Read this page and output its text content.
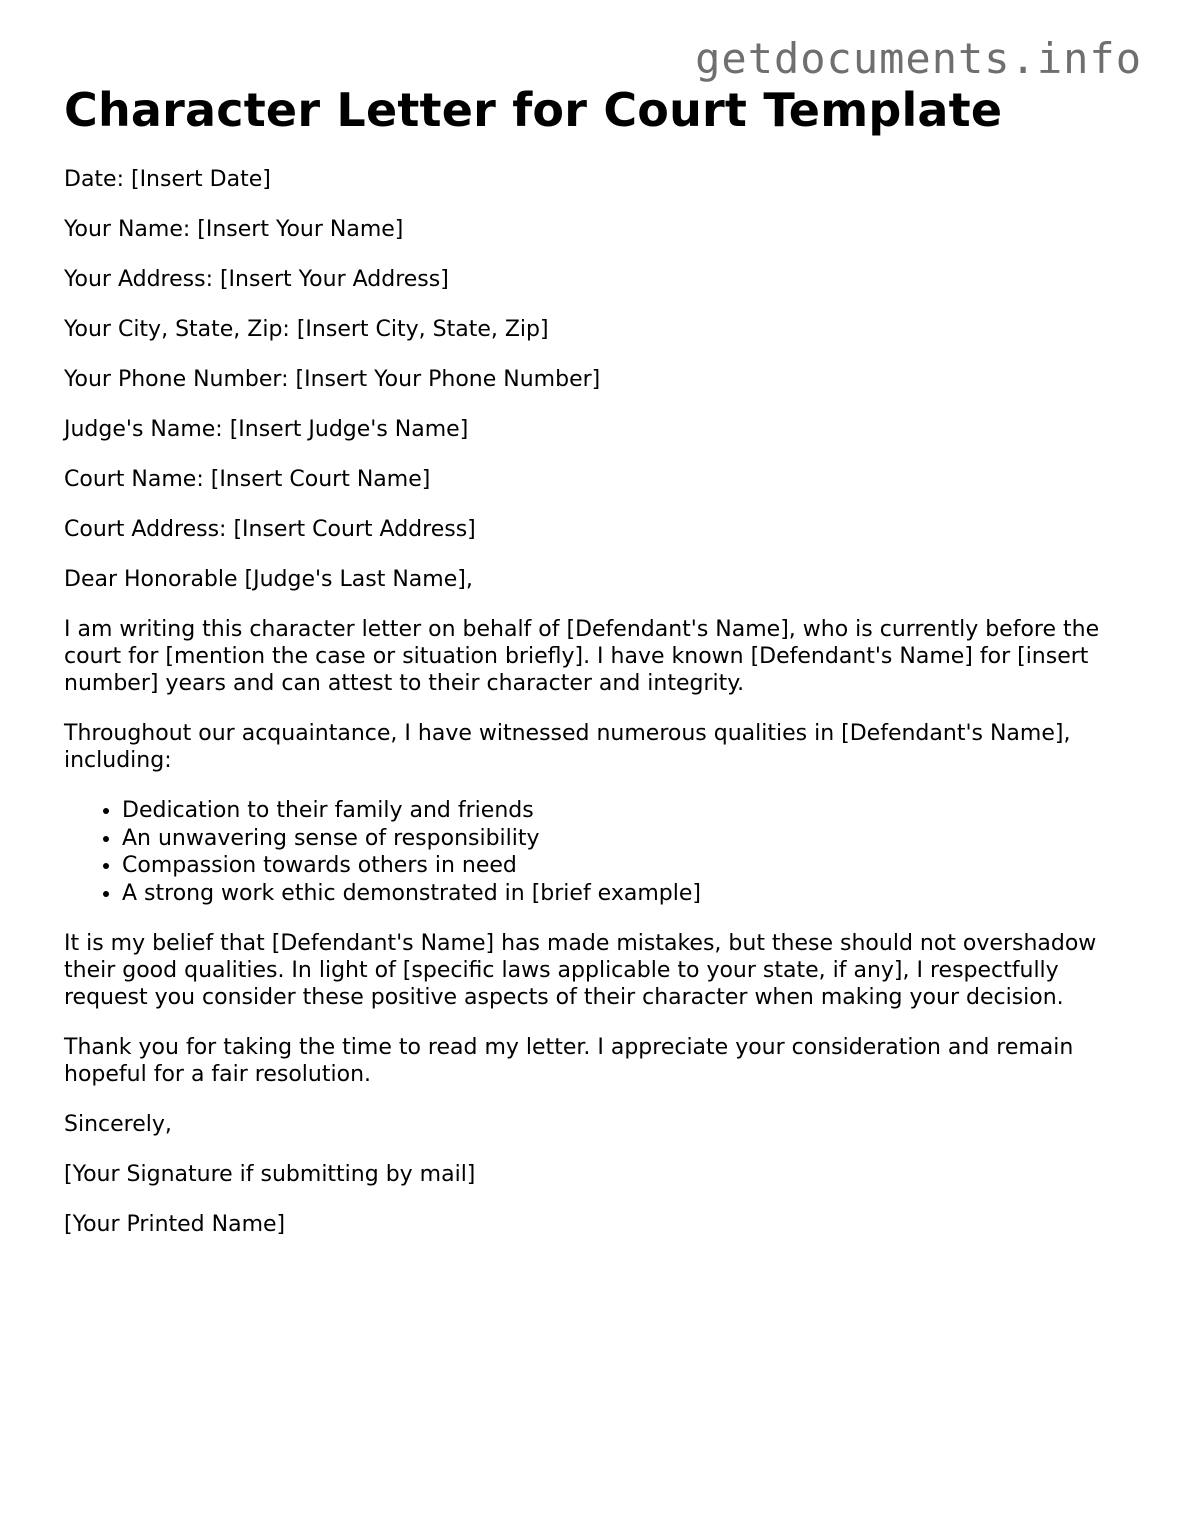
getdocuments.info
Character Letter for Court Template

Date: [Insert Date]

Your Name: [Insert Your Name]

Your Address: [Insert Your Address]

Your City, State, Zip: [Insert City, State, Zip]

Your Phone Number: [Insert Your Phone Number]

Judge's Name: [Insert Judge's Name]

Court Name: [Insert Court Name]

Court Address: [Insert Court Address]

Dear Honorable [Judge's Last Name],

I am writing this character letter on behalf of [Defendant's Name], who is currently before the court for [mention the case or situation briefly]. I have known [Defendant's Name] for [insert number] years and can attest to their character and integrity.

Throughout our acquaintance, I have witnessed numerous qualities in [Defendant's Name], including:

• Dedication to their family and friends
• An unwavering sense of responsibility
• Compassion towards others in need
• A strong work ethic demonstrated in [brief example]

It is my belief that [Defendant's Name] has made mistakes, but these should not overshadow their good qualities. In light of [specific laws applicable to your state, if any], I respectfully request you consider these positive aspects of their character when making your decision.

Thank you for taking the time to read my letter. I appreciate your consideration and remain hopeful for a fair resolution.

Sincerely,

[Your Signature if submitting by mail]

[Your Printed Name]
